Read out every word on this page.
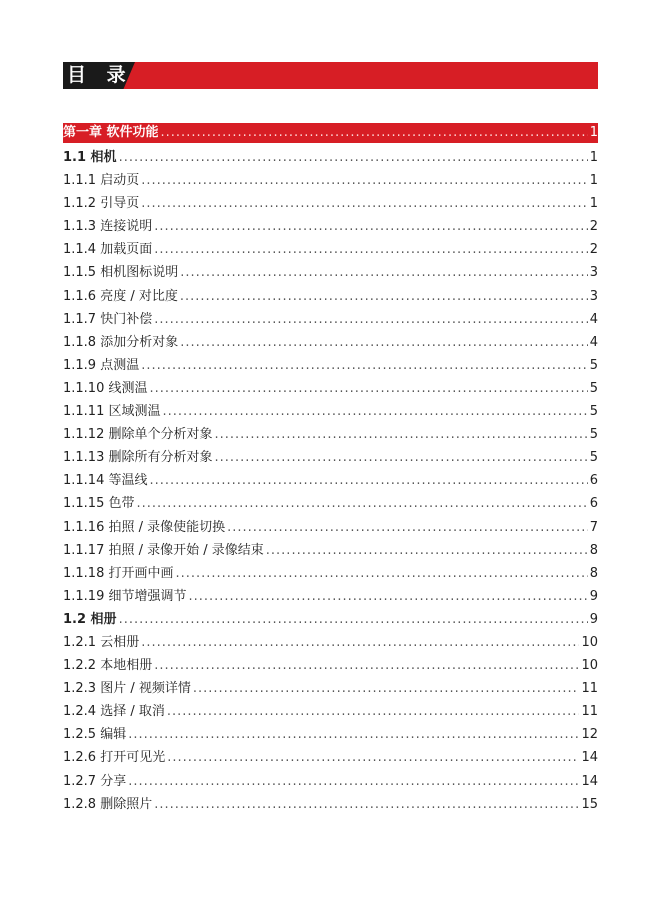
目 录
第一章 软件功能 .....	1
1.1 相机 .....	1
1.1.1 启动页 .....	1
1.1.2 引导页 .....	1
1.1.3 连接说明 .....	2
1.1.4 加载页面 .....	2
1.1.5 相机图标说明 .....	3
1.1.6 亮度 / 对比度 .....	3
1.1.7 快门补偿 .....	4
1.1.8 添加分析对象 .....	4
1.1.9 点测温 .....	5
1.1.10 线测温 .....	5
1.1.11 区域测温 .....	5
1.1.12 删除单个分析对象 .....	5
1.1.13 删除所有分析对象 .....	5
1.1.14 等温线 .....	6
1.1.15 色带 .....	6
1.1.16 拍照 / 录像使能切换 .....	7
1.1.17 拍照 / 录像开始 / 录像结束 .....	8
1.1.18 打开画中画 .....	8
1.1.19 细节增强调节 .....	9
1.2 相册 .....	9
1.2.1 云相册 .....	10
1.2.2 本地相册 .....	10
1.2.3 图片 / 视频详情 .....	11
1.2.4 选择 / 取消 .....	11
1.2.5 编辑 .....	12
1.2.6 打开可见光 .....	14
1.2.7 分享 .....	14
1.2.8 删除照片 .....	15
